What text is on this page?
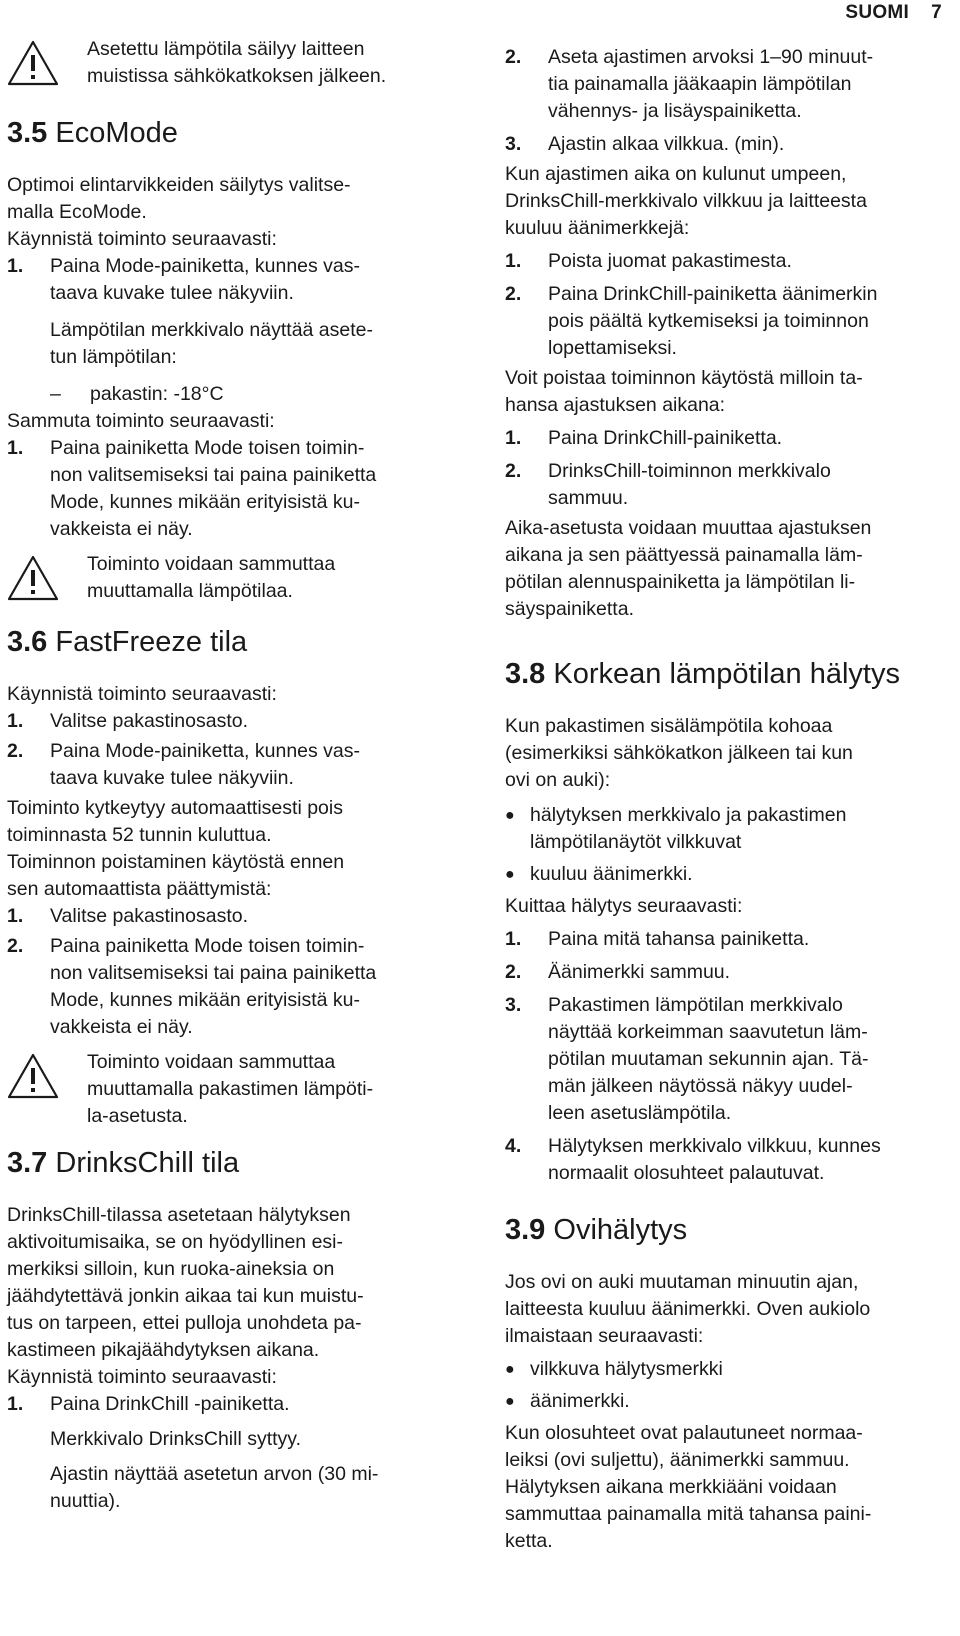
SUOMI 7
Asetettu lämpötila säilyy laitteen
muistissa sähkökatkoksen jälkeen.
3.5 EcoMode
Optimoi elintarvikkeiden säilytys valitse-
malla EcoMode.
Käynnistä toiminto seuraavasti:
1.	Paina Mode-painiketta, kunnes vas-
taava kuvake tulee näkyviin.
Lämpötilan merkkivalo näyttää asete-
tun lämpötilan:
–	pakastin: -18°C
Sammuta toiminto seuraavasti:
1.	Paina painiketta Mode toisen toimin-
non valitsemiseksi tai paina painiketta
Mode, kunnes mikään erityisistä ku-
vakkeista ei näy.
Toiminto voidaan sammuttaa
muuttamalla lämpötilaa.
3.6 FastFreeze tila
Käynnistä toiminto seuraavasti:
1.	Valitse pakastinosasto.
2.	Paina Mode-painiketta, kunnes vas-
taava kuvake tulee näkyviin.
Toiminto kytkeytyy automaattisesti pois
toiminnasta 52 tunnin kuluttua.
Toiminnon poistaminen käytöstä ennen
sen automaattista päättymistä:
1.	Valitse pakastinosasto.
2.	Paina painiketta Mode toisen toimin-
non valitsemiseksi tai paina painiketta
Mode, kunnes mikään erityisistä ku-
vakkeista ei näy.
Toiminto voidaan sammuttaa
muuttamalla pakastimen lämpöti-
la-asetusta.
3.7 DrinksChill tila
DrinksChill-tilassa asetetaan hälytyksen
aktivoitumisaika, se on hyödyllinen esi-
merkiksi silloin, kun ruoka-aineksia on
jäähdytettävä jonkin aikaa tai kun muistu-
tus on tarpeen, ettei pulloja unohdeta pa-
kastimeen pikajäähdytyksen aikana.
Käynnistä toiminto seuraavasti:
1.	Paina DrinkChill -painiketta.
Merkkivalo DrinksChill syttyy.
Ajastin näyttää asetetun arvon (30 mi-
nuuttia).
2.	Aseta ajastimen arvoksi 1–90 minuut-
tia painamalla jääkaapin lämpötilan
vähennys- ja lisäyspainiketta.
3.	Ajastin alkaa vilkkua. (min).
Kun ajastimen aika on kulunut umpeen,
DrinksChill-merkkivalo vilkkuu ja laitteesta
kuuluu äänimerkkejä:
1.	Poista juomat pakastimesta.
2.	Paina DrinkChill-painiketta äänimerkin
pois päältä kytkemiseksi ja toiminnon
lopettamiseksi.
Voit poistaa toiminnon käytöstä milloin ta-
hansa ajastuksen aikana:
1.	Paina DrinkChill-painiketta.
2.	DrinksChill-toiminnon merkkivalo
sammuu.
Aika-asetusta voidaan muuttaa ajastuksen
aikana ja sen päättyessä painamalla läm-
pötilan alennuspainiketta ja lämpötilan li-
säyspainiketta.
3.8 Korkean lämpötilan hälytys
Kun pakastimen sisälämpötila kohoaa
(esimerkiksi sähkökatkon jälkeen tai kun
ovi on auki):
● hälytyksen merkkivalo ja pakastimen
lämpötilanäytöt vilkkuvat
● kuuluu äänimerkki.
Kuittaa hälytys seuraavasti:
1.	Paina mitä tahansa painiketta.
2.	Äänimerkki sammuu.
3.	Pakastimen lämpötilan merkkivalo
näyttää korkeimman saavutetun läm-
pötilan muutaman sekunnin ajan. Tä-
män jälkeen näytössä näkyy uudel-
leen asetuslämpötila.
4.	Hälytyksen merkkivalo vilkkuu, kunnes
normaalit olosuhteet palautuvat.
3.9 Ovihälytys
Jos ovi on auki muutaman minuutin ajan,
laitteesta kuuluu äänimerkki. Oven aukiolo
ilmaistaan seuraavasti:
● vilkkuva hälytysmerkki
● äänimerkki.
Kun olosuhteet ovat palautuneet normaa-
leiksi (ovi suljettu), äänimerkki sammuu.
Hälytyksen aikana merkkiääni voidaan
sammuttaa painamalla mitä tahansa paini-
ketta.
